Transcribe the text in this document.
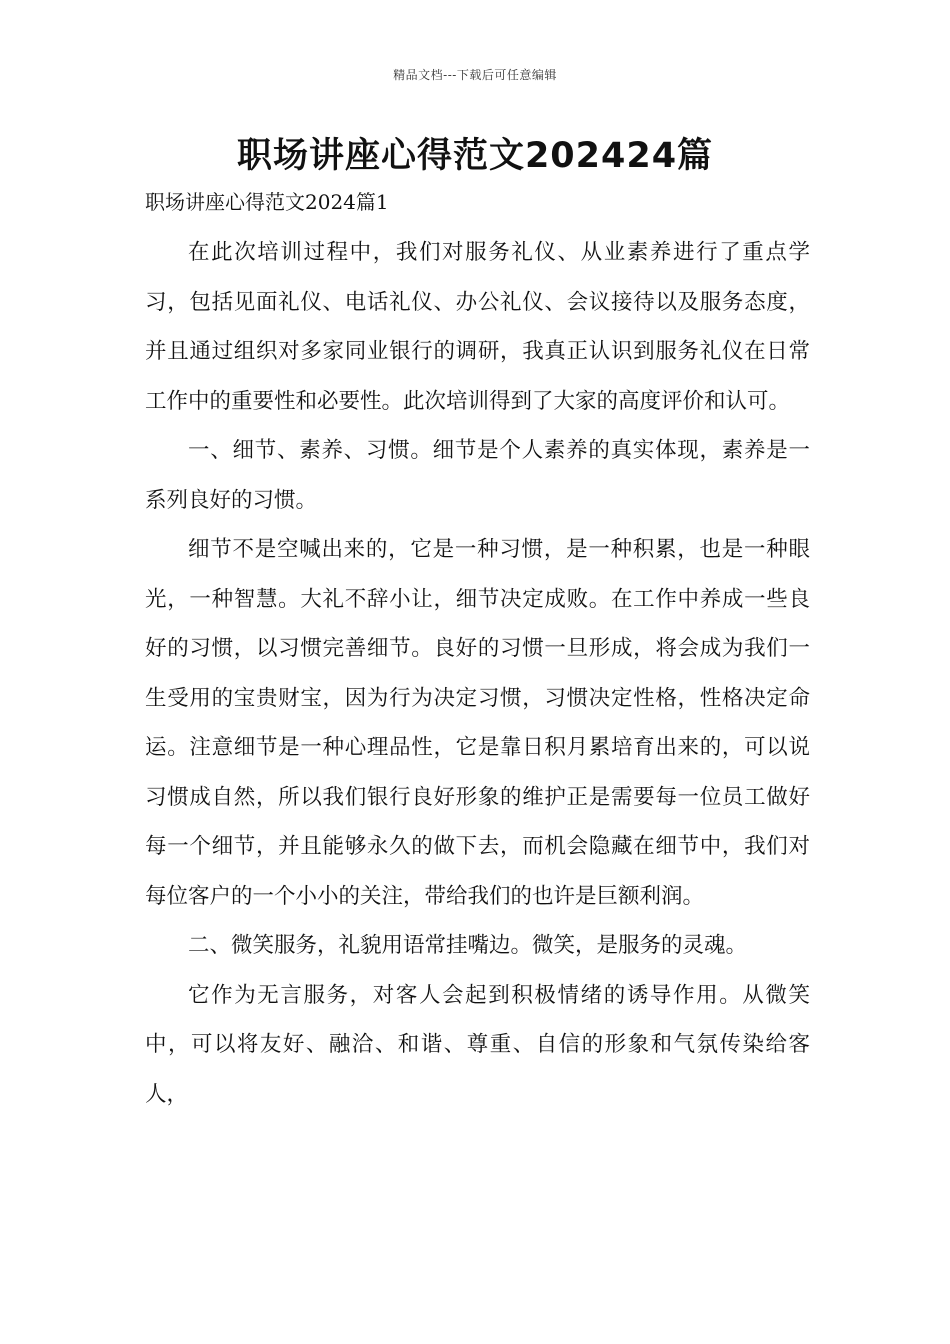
精品文档---下载后可任意编辑
职场讲座心得范文202424篇
职场讲座心得范文2024篇1

在此次培训过程中，我们对服务礼仪、从业素养进行了重点学习，包括见面礼仪、电话礼仪、办公礼仪、会议接待以及服务态度，并且通过组织对多家同业银行的调研，我真正认识到服务礼仪在日常工作中的重要性和必要性。此次培训得到了大家的高度评价和认可。

一、细节、素养、习惯。细节是个人素养的真实体现，素养是一系列良好的习惯。

细节不是空喊出来的，它是一种习惯，是一种积累，也是一种眼光，一种智慧。大礼不辞小让，细节决定成败。在工作中养成一些良好的习惯，以习惯完善细节。良好的习惯一旦形成，将会成为我们一生受用的宝贵财宝，因为行为决定习惯，习惯决定性格，性格决定命运。注意细节是一种心理品性，它是靠日积月累培育出来的，可以说习惯成自然，所以我们银行良好形象的维护正是需要每一位员工做好每一个细节，并且能够永久的做下去，而机会隐藏在细节中，我们对每位客户的一个小小的关注，带给我们的也许是巨额利润。

二、微笑服务，礼貌用语常挂嘴边。微笑，是服务的灵魂。

它作为无言服务，对客人会起到积极情绪的诱导作用。从微笑中，可以将友好、融洽、和谐、尊重、自信的形象和气氛传染给客人，
